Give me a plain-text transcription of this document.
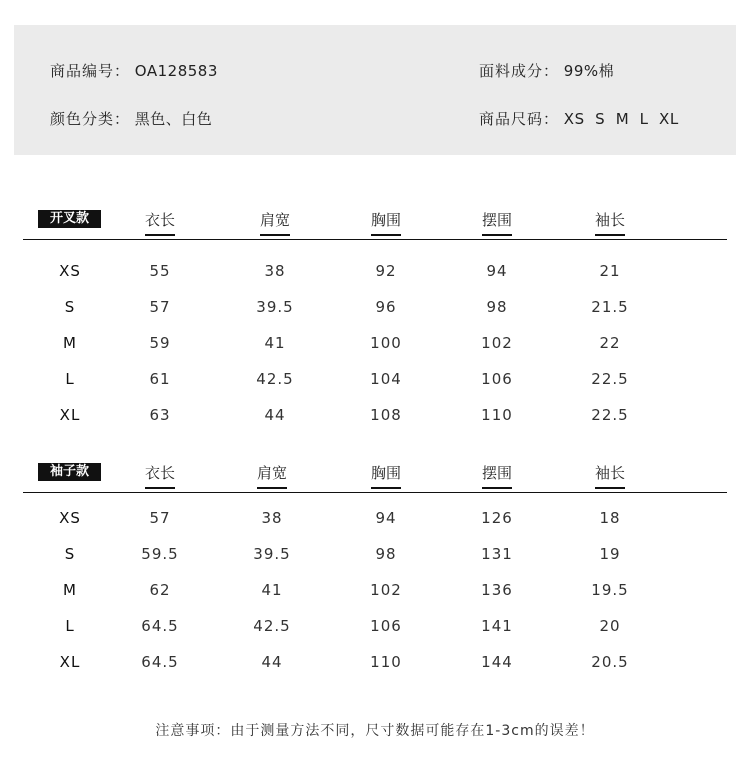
商品编号： OA128583	面料成分： 99%棉
颜色分类： 黑色、白色	商品尺码： XS  S  M  L  XL
开叉款	衣长	肩宽	胸围	摆围	袖长
XS	55	38	92	94	21
S	57	39.5	96	98	21.5
M	59	41	100	102	22
L	61	42.5	104	106	22.5
XL	63	44	108	110	22.5
袖子款	衣长	肩宽	胸围	摆围	袖长
XS	57	38	94	126	18
S	59.5	39.5	98	131	19
M	62	41	102	136	19.5
L	64.5	42.5	106	141	20
XL	64.5	44	110	144	20.5
注意事项：由于测量方法不同，尺寸数据可能存在1-3cm的误差！
